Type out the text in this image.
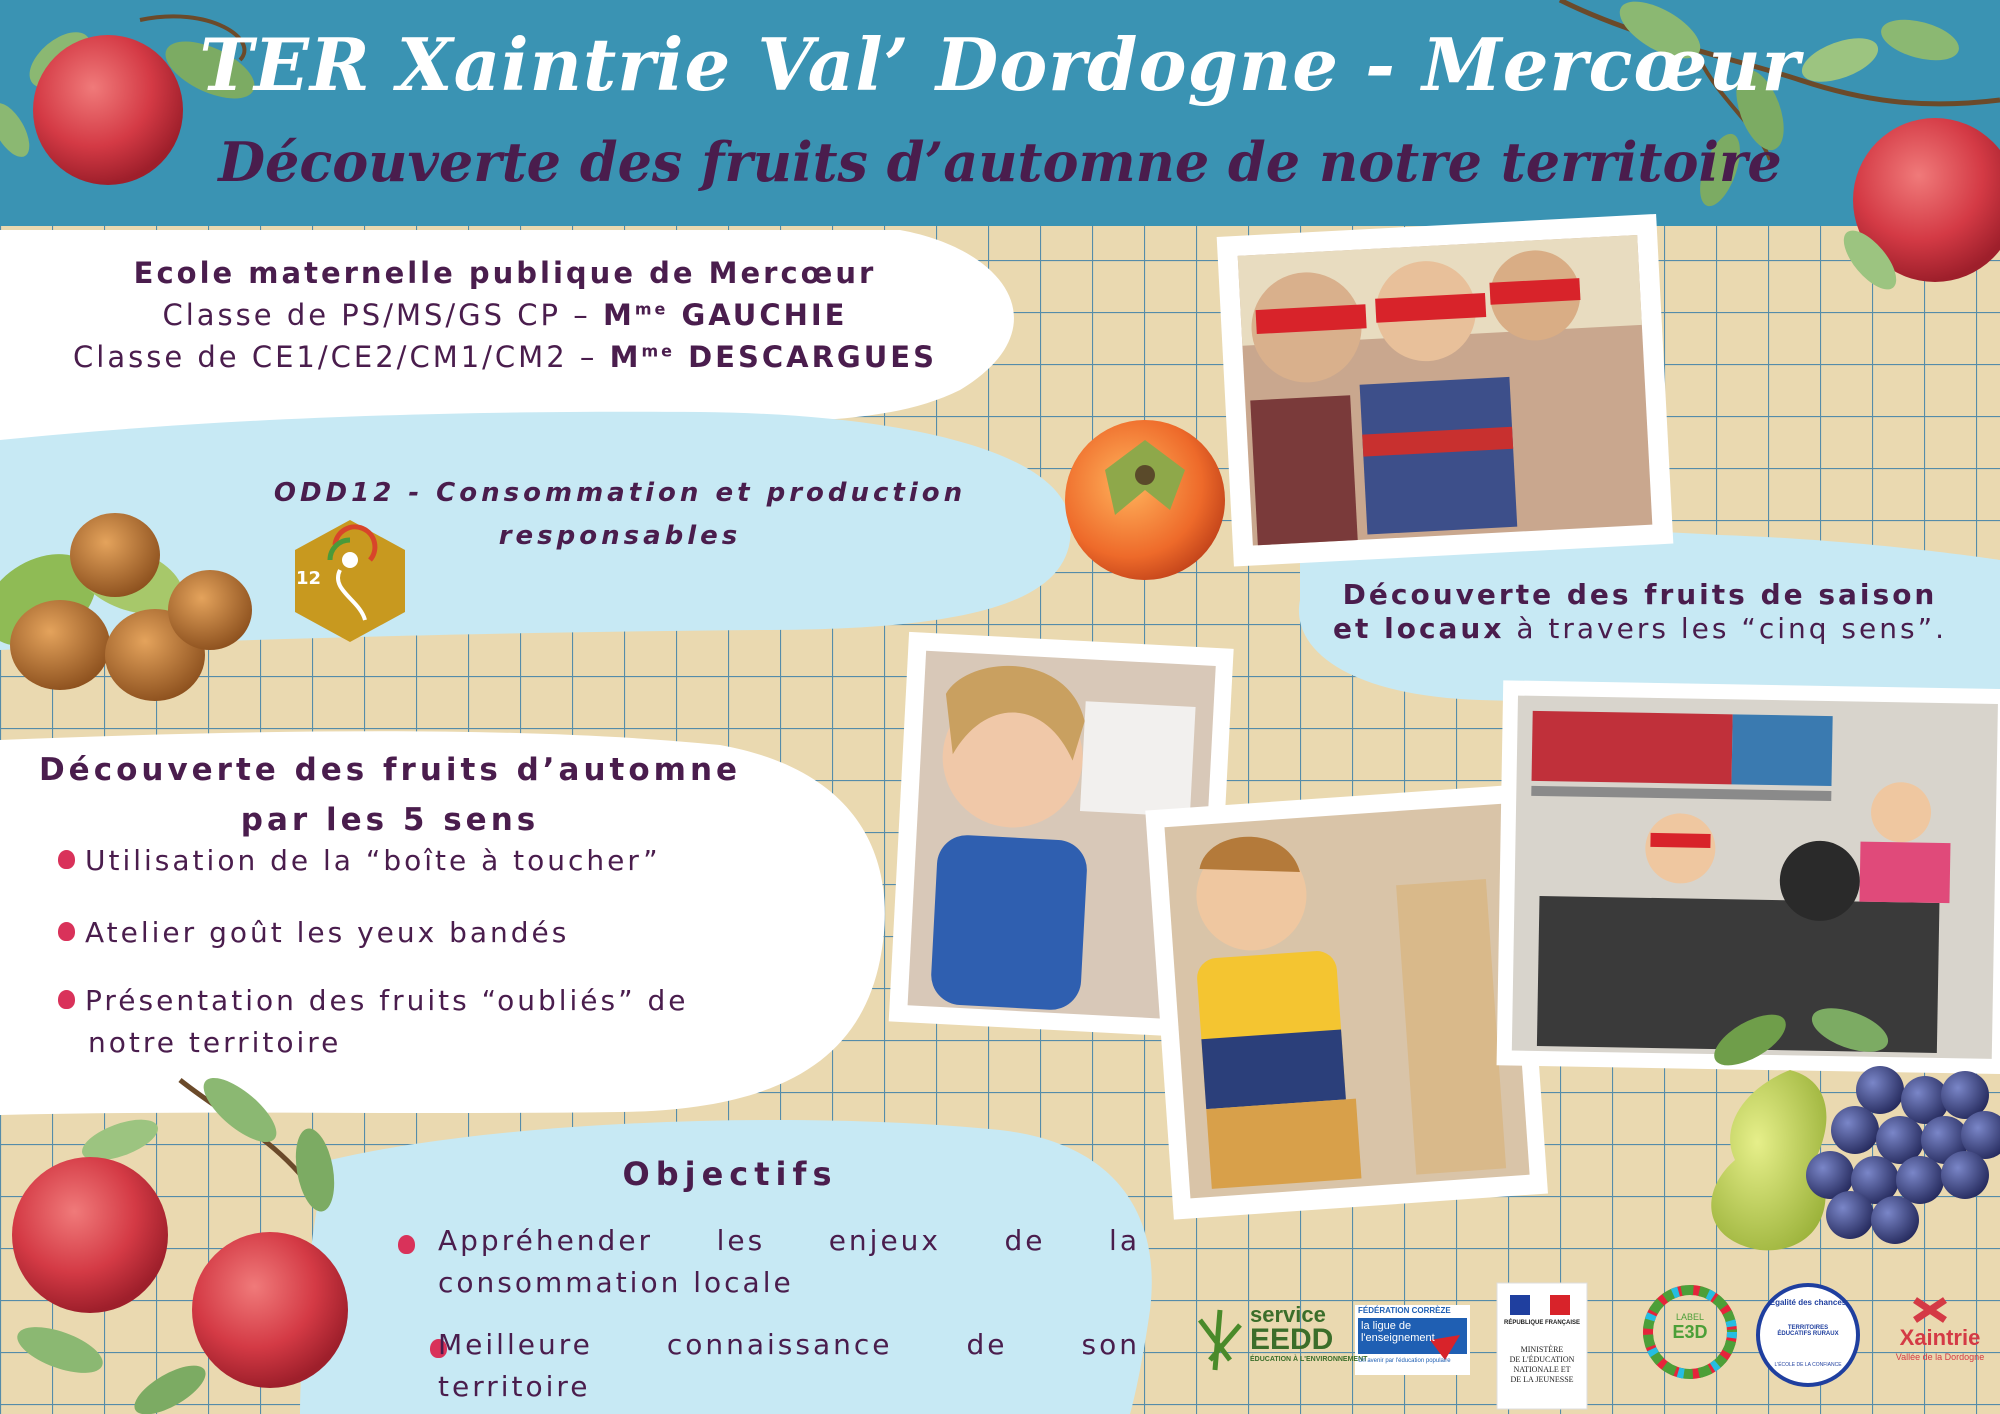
TER Xaintrie Val’ Dordogne - Mercœur
Découverte des fruits d’automne de notre territoire
Ecole maternelle publique de Mercœur
Classe de PS/MS/GS CP – $M^{me}$ GAUCHIE
Classe de $CE1/CE2/CM1/CM2 - M^{me}$ DESCARGUES
ODD12 - Consommation et production
responsables
12	Découverte des fruits de saison
et locaux à travers les “cinq sens”.
Découverte des fruits d’automne
par les 5 sens
Utilisation de la “boîte à toucher”
Atelier goût les yeux bandés
Présentation des fruits “oubliés” de
notre territoire
Objectifs

Appréhender les enjeux de la
consommation locale
Meilleure connaissance de son
territoire
service
EEDD
ÉDUCATION À L'ENVIRONNEMENT
FÉDÉRATION CORRÈZE
la ligue de l'enseignement
Un avenir par l'éducation populaire
RÉPUBLIQUE FRANÇAISE
MINISTÈRE
DE L'ÉDUCATION
NATIONALE ET
DE LA JEUNESSE
LABEL
E3D
Égalité des chances
TERRITOIRES ÉDUCATIFS RURAUX
L'ÉCOLE DE LA CONFIANCE
Xaintrie
Vallée de la Dordogne
